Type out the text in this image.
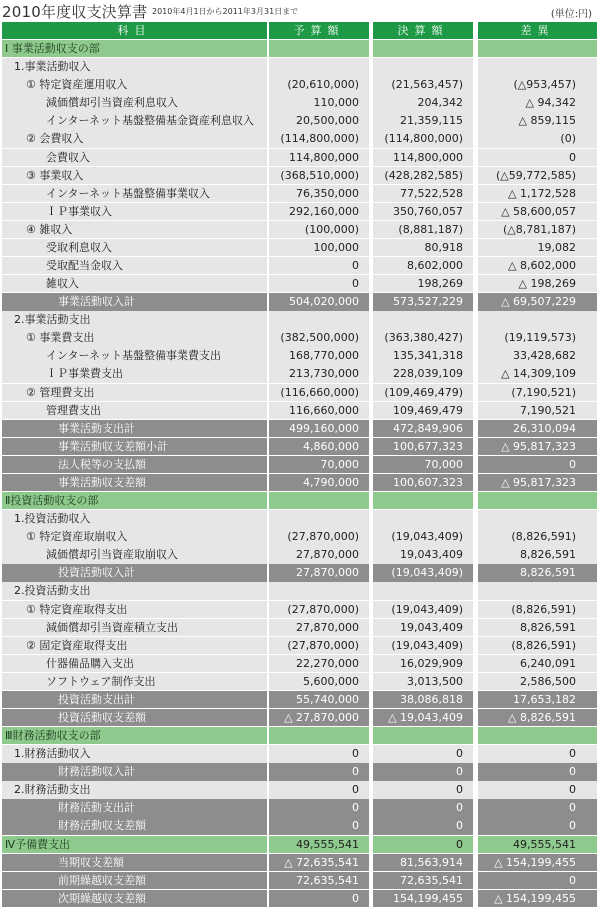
2010年度収支決算書 2010年4月1日から2011年3月31日まで	(単位:円)
科目	予算額	決算額	差異
Ⅰ 事業活動収支の部
1.事業活動収入
① 特定資産運用収入	(20,610,000)	(21,563,457)	(△953,457)
減価償却引当資産利息収入	110,000	204,342	△ 94,342
インターネット基盤整備基金資産利息収入	20,500,000	21,359,115	△ 859,115
② 会費収入	(114,800,000)	(114,800,000)	(0)
会費収入	114,800,000	114,800,000	0
③ 事業収入	(368,510,000)	(428,282,585)	(△59,772,585)
インターネット基盤整備事業収入	76,350,000	77,522,528	△ 1,172,528
ＩＰ事業収入	292,160,000	350,760,057	△ 58,600,057
④ 雑収入	(100,000)	(8,881,187)	(△8,781,187)
受取利息収入	100,000	80,918	19,082
受取配当金収入	0	8,602,000	△ 8,602,000
雑収入	0	198,269	△ 198,269
事業活動収入計	504,020,000	573,527,229	△ 69,507,229
2.事業活動支出
① 事業費支出	(382,500,000)	(363,380,427)	(19,119,573)
インターネット基盤整備事業費支出	168,770,000	135,341,318	33,428,682
ＩＰ事業費支出	213,730,000	228,039,109	△ 14,309,109
② 管理費支出	(116,660,000)	(109,469,479)	(7,190,521)
管理費支出	116,660,000	109,469,479	7,190,521
事業活動支出計	499,160,000	472,849,906	26,310,094
事業活動収支差額小計	4,860,000	100,677,323	△ 95,817,323
法人税等の支払額	70,000	70,000	0
事業活動収支差額	4,790,000	100,607,323	△ 95,817,323
Ⅱ投資活動収支の部
1.投資活動収入
① 特定資産取崩収入	(27,870,000)	(19,043,409)	(8,826,591)
減価償却引当資産取崩収入	27,870,000	19,043,409	8,826,591
投資活動収入計	27,870,000	(19,043,409)	8,826,591
2.投資活動支出
① 特定資産取得支出	(27,870,000)	(19,043,409)	(8,826,591)
減価償却引当資産積立支出	27,870,000	19,043,409	8,826,591
② 固定資産取得支出	(27,870,000)	(19,043,409)	(8,826,591)
什器備品購入支出	22,270,000	16,029,909	6,240,091
ソフトウェア制作支出	5,600,000	3,013,500	2,586,500
投資活動支出計	55,740,000	38,086,818	17,653,182
投資活動収支差額	△ 27,870,000	△ 19,043,409	△ 8,826,591
Ⅲ財務活動収支の部
1.財務活動収入	0	0	0
財務活動収入計	0	0	0
2.財務活動支出	0	0	0
財務活動支出計	0	0	0
財務活動収支差額	0	0	0
Ⅳ予備費支出	49,555,541	0	49,555,541
当期収支差額	△ 72,635,541	81,563,914	△ 154,199,455
前期繰越収支差額	72,635,541	72,635,541	0
次期繰越収支差額	0	154,199,455	△ 154,199,455
